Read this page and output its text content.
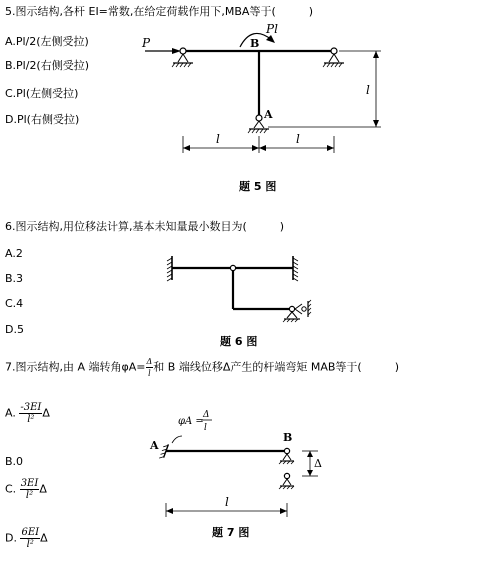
5.图示结构,各杆 EI=常数,在给定荷载作用下,MBA等于(　　　)
A.Pl/2(左侧受拉)
B.Pl/2(右侧受拉)
C.Pl(左侧受拉)
D.Pl(右侧受拉)
P
Pl
B
A
l	l
l
题 5 图
6.图示结构,用位移法计算,基本未知量最小数目为(　　　)
A.2
B.3
C.4
D.5
题 6 图
7.图示结构,由 A 端转角$\varphi A= \frac{\Delta}{l}$ 和 B 端线位移Δ产生的杆端弯矩 MAB等于(　　　)
A. $\frac{-3EI}{\text{l²}}$ Δ
B.0
C. $\frac{3EI}{\text{l²}}$ Δ
D. $\frac{6EI}{\text{l²}}$ Δ
A
B
Δ
l
φA =
Δ
l
题 7 图
